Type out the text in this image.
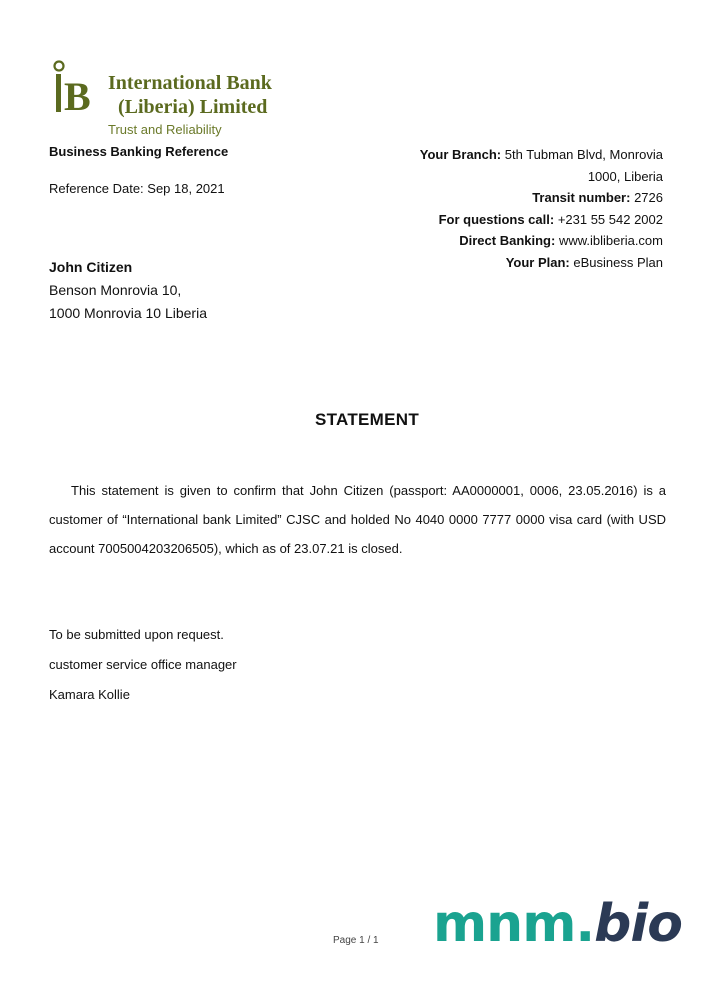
B International Bank
(Liberia) Limited
Trust and Reliability
Business Banking Reference
Reference Date: Sep 18, 2021
Your Branch: 5th Tubman Blvd, Monrovia
1000, Liberia
Transit number: 2726
For questions call: +231 55 542 2002
Direct Banking: www.ibliberia.com
Your Plan: eBusiness Plan
John Citizen
Benson Monrovia 10,
1000 Monrovia 10 Liberia
STATEMENT
This statement is given to confirm that John Citizen (passport: AA0000001, 0006, 23.05.2016) is a customer of “International bank Limited” CJSC and holded No 4040 0000 7777 0000 visa card (with USD account 7005004203206505), which as of 23.07.21 is closed.
To be submitted upon request.
customer service office manager
Kamara Kollie
Page 1 / 1 mnm.bio
